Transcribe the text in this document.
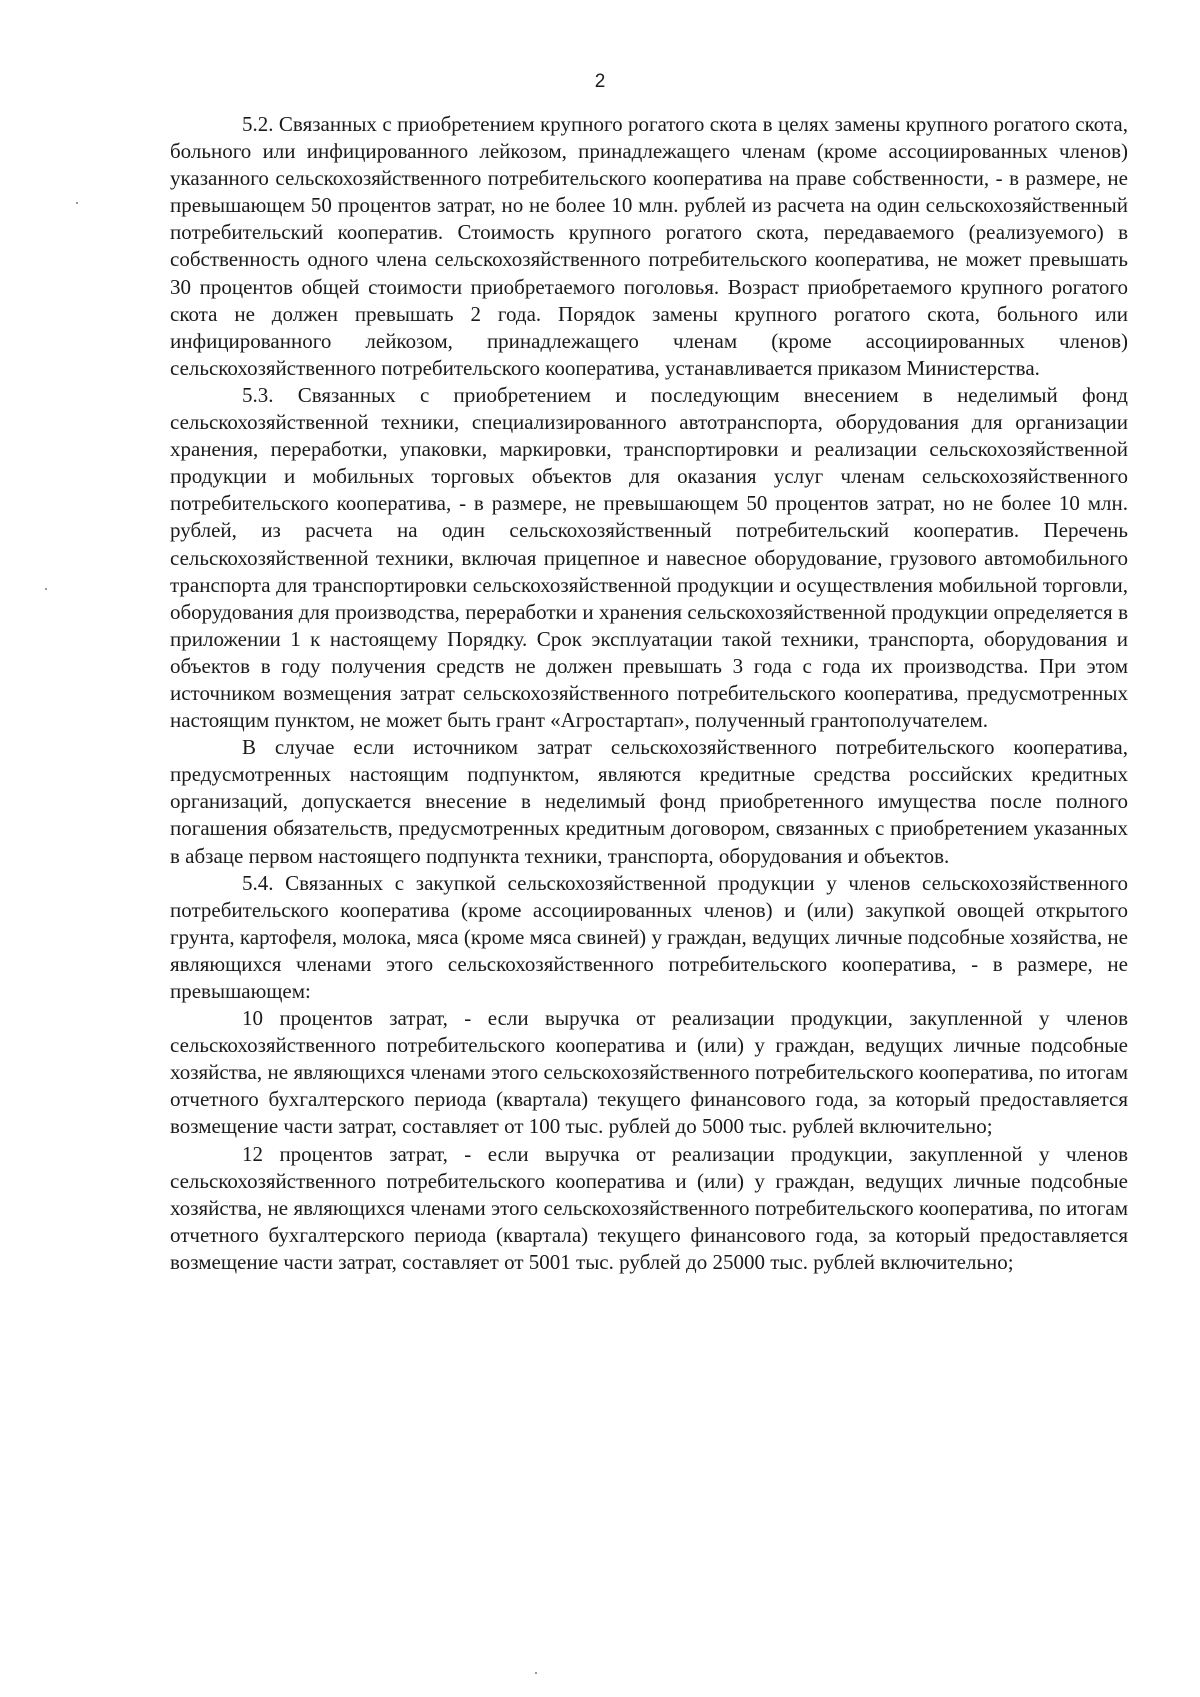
2

5.2. Связанных с приобретением крупного рогатого скота в целях замены крупного рогатого скота, больного или инфицированного лейкозом, принадлежащего членам (кроме ассоциированных членов) указанного сельскохозяйственного потребительского кооператива на праве собственности, - в размере, не превышающем 50 процентов затрат, но не более 10 млн. рублей из расчета на один сельскохозяйственный потребительский кооператив. Стоимость крупного рогатого скота, передаваемого (реализуемого) в собственность одного члена сельскохозяйственного потребительского кооператива, не может превышать 30 процентов общей стоимости приобретаемого поголовья. Возраст приобретаемого крупного рогатого скота не должен превышать 2 года. Порядок замены крупного рогатого скота, больного или инфицированного лейкозом, принадлежащего членам (кроме ассоциированных членов) сельскохозяйственного потребительского кооператива, устанавливается приказом Министерства.

5.3. Связанных с приобретением и последующим внесением в неделимый фонд сельскохозяйственной техники, специализированного автотранспорта, оборудования для организации хранения, переработки, упаковки, маркировки, транспортировки и реализации сельскохозяйственной продукции и мобильных торговых объектов для оказания услуг членам сельскохозяйственного потребительского кооператива, - в размере, не превышающем 50 процентов затрат, но не более 10 млн. рублей, из расчета на один сельскохозяйственный потребительский кооператив. Перечень сельскохозяйственной техники, включая прицепное и навесное оборудование, грузового автомобильного транспорта для транспортировки сельскохозяйственной продукции и осуществления мобильной торговли, оборудования для производства, переработки и хранения сельскохозяйственной продукции определяется в приложении 1 к настоящему Порядку. Срок эксплуатации такой техники, транспорта, оборудования и объектов в году получения средств не должен превышать 3 года с года их производства. При этом источником возмещения затрат сельскохозяйственного потребительского кооператива, предусмотренных настоящим пунктом, не может быть грант «Агростартап», полученный грантополучателем.

В случае если источником затрат сельскохозяйственного потребительского кооператива, предусмотренных настоящим подпунктом, являются кредитные средства российских кредитных организаций, допускается внесение в неделимый фонд приобретенного имущества после полного погашения обязательств, предусмотренных кредитным договором, связанных с приобретением указанных в абзаце первом настоящего подпункта техники, транспорта, оборудования и объектов.

5.4. Связанных с закупкой сельскохозяйственной продукции у членов сельскохозяйственного потребительского кооператива (кроме ассоциированных членов) и (или) закупкой овощей открытого грунта, картофеля, молока, мяса (кроме мяса свиней) у граждан, ведущих личные подсобные хозяйства, не являющихся членами этого сельскохозяйственного потребительского кооператива, - в размере, не превышающем:

10 процентов затрат, - если выручка от реализации продукции, закупленной у членов сельскохозяйственного потребительского кооператива и (или) у граждан, ведущих личные подсобные хозяйства, не являющихся членами этого сельскохозяйственного потребительского кооператива, по итогам отчетного бухгалтерского периода (квартала) текущего финансового года, за который предоставляется возмещение части затрат, составляет от 100 тыс. рублей до 5000 тыс. рублей включительно;

12 процентов затрат, - если выручка от реализации продукции, закупленной у членов сельскохозяйственного потребительского кооператива и (или) у граждан, ведущих личные подсобные хозяйства, не являющихся членами этого сельскохозяйственного потребительского кооператива, по итогам отчетного бухгалтерского периода (квартала) текущего финансового года, за который предоставляется возмещение части затрат, составляет от 5001 тыс. рублей до 25000 тыс. рублей включительно;
